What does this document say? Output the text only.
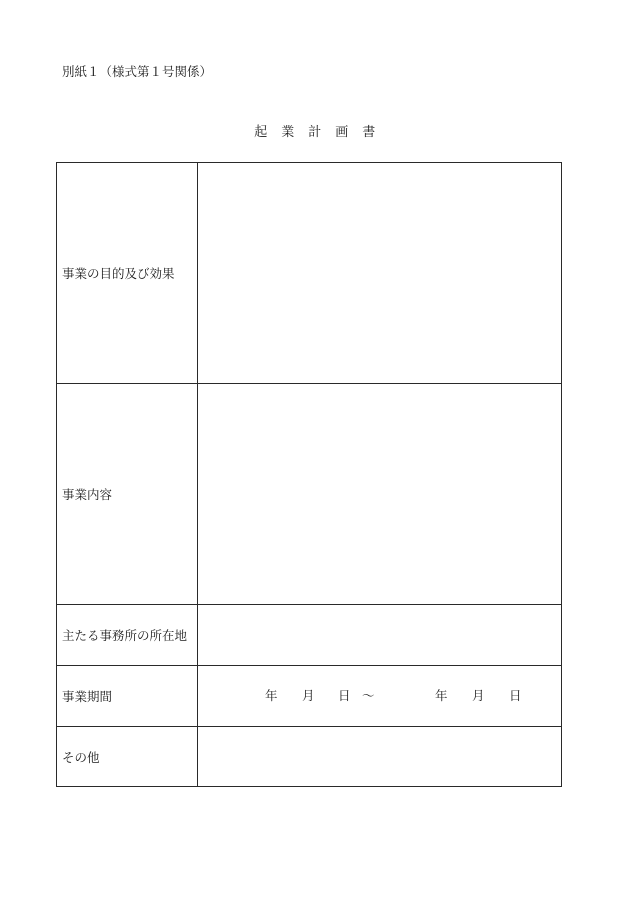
別紙１（様式第１号関係）
起　業　計　画　書
事業の目的及び効果
事業内容
主たる事務所の所在地
事業期間	年 月 日 ～	年 月 日
その他
